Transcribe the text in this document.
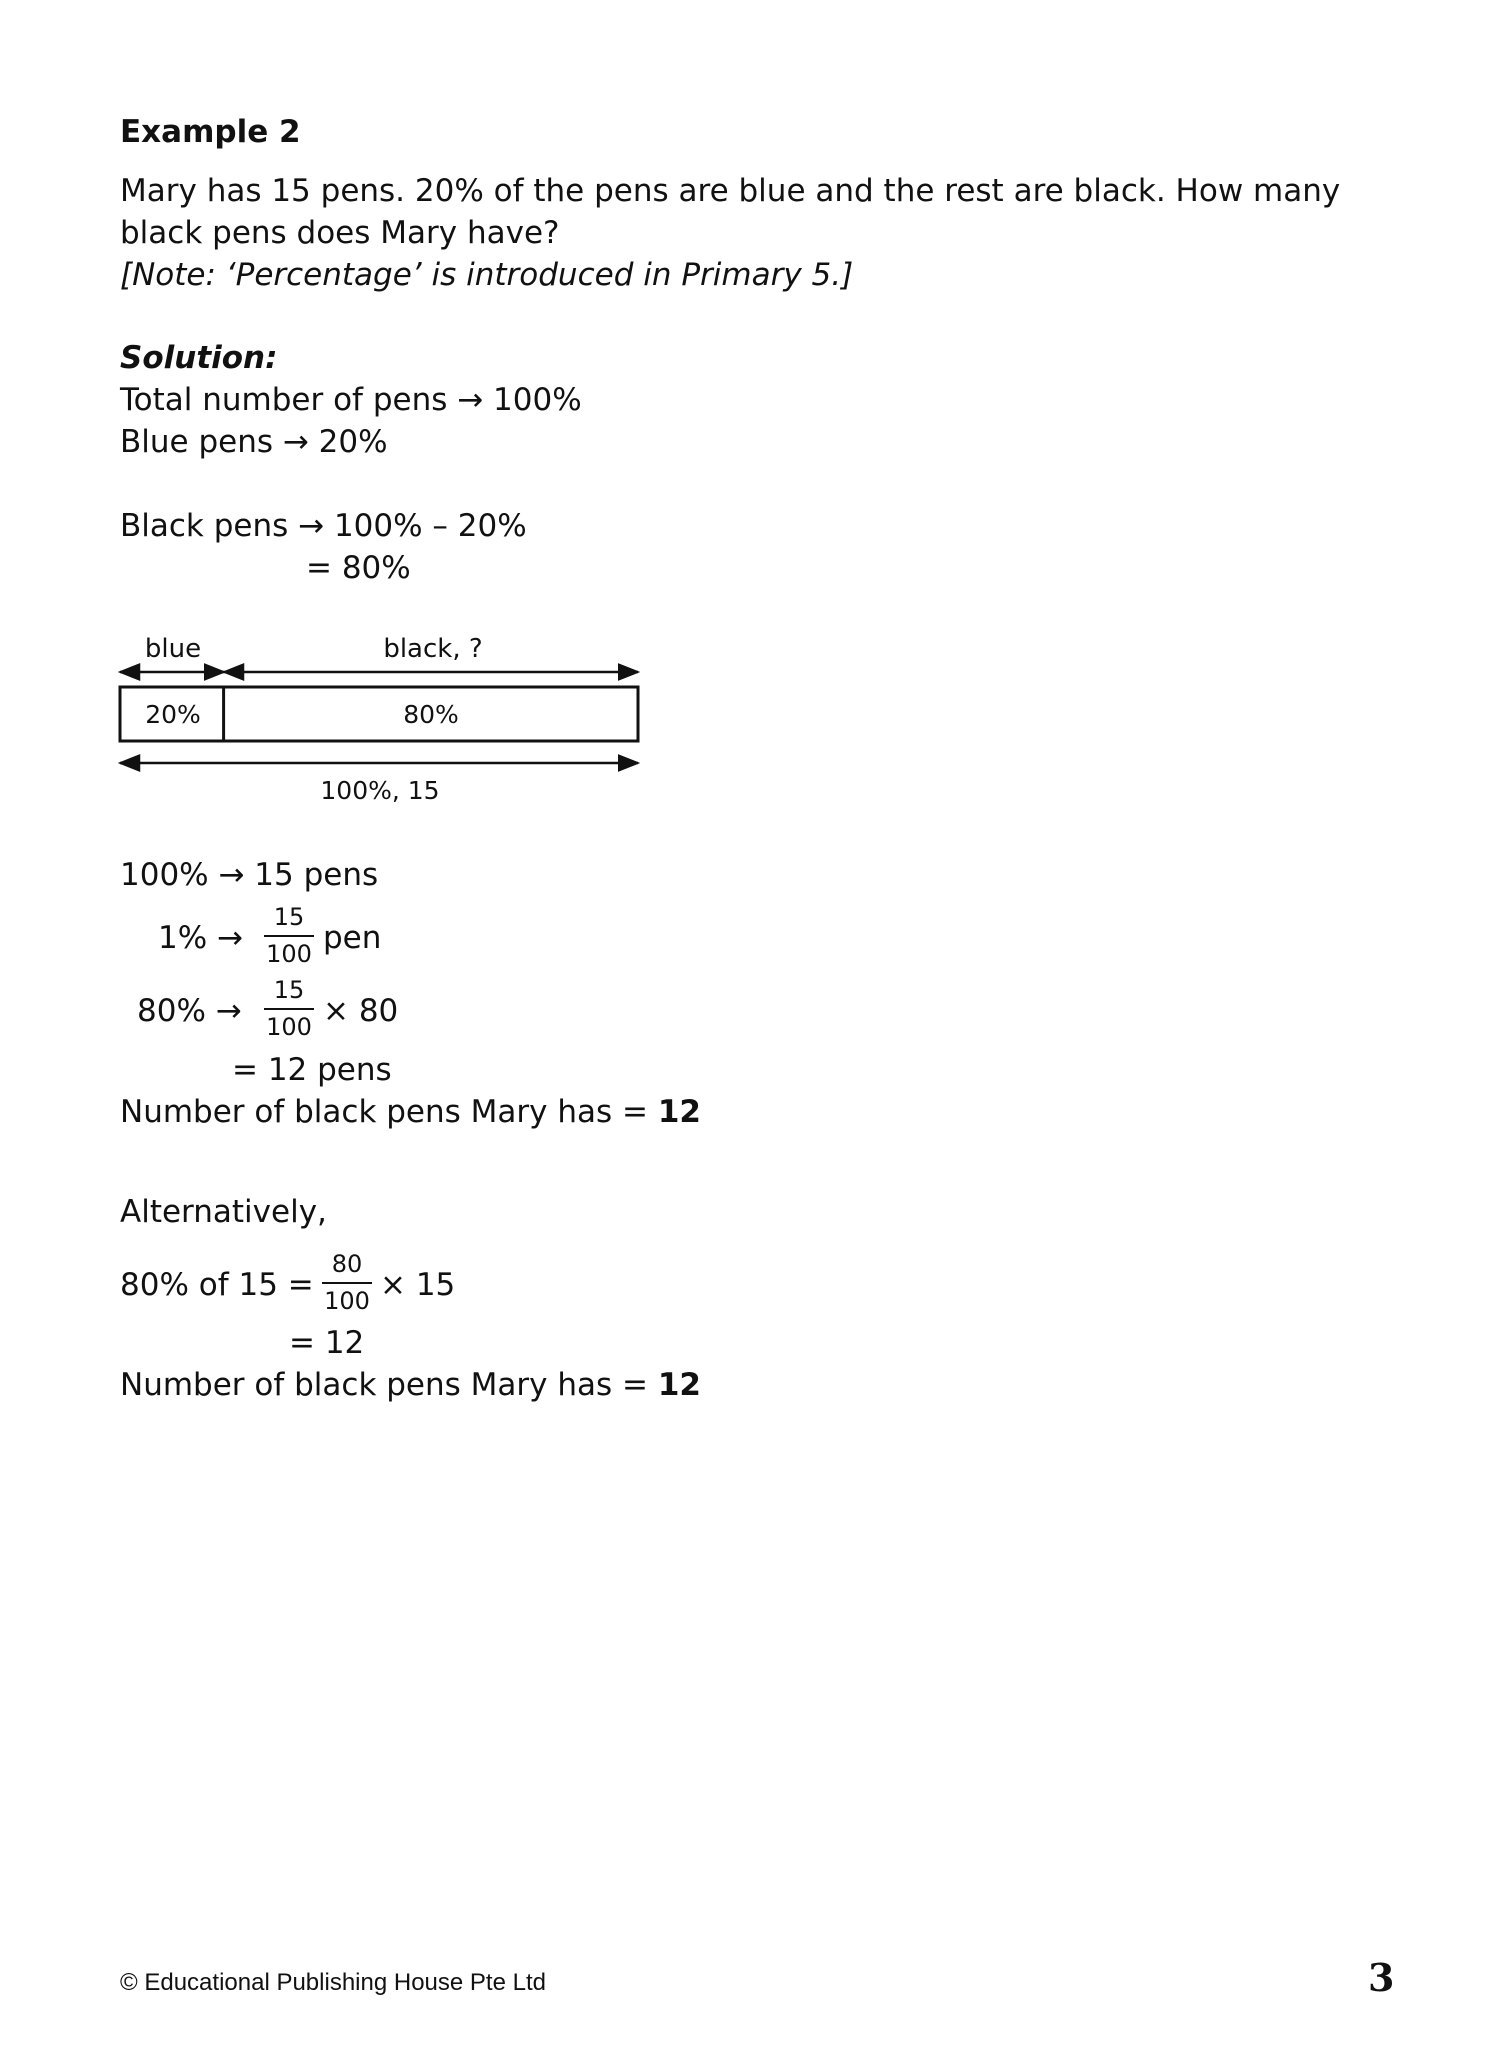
Example 2
Mary has 15 pens. 20% of the pens are blue and the rest are black. How many
black pens does Mary have?
[Note: ‘Percentage’ is introduced in Primary 5.]
Solution:
Total number of pens → 100%
Blue pens → 20%
Black pens → 100% – 20%
= 80%
blue	black, ?
20%	80%
100%, 15
100% → 15 pens
1% →
15
100 pen
80% →
15
100 × 80
= 12 pens
Number of black pens Mary has = 12
Alternatively,
80% of 15 =
80
100 × 15
= 12
Number of black pens Mary has = 12
© Educational Publishing House Pte Ltd	3
